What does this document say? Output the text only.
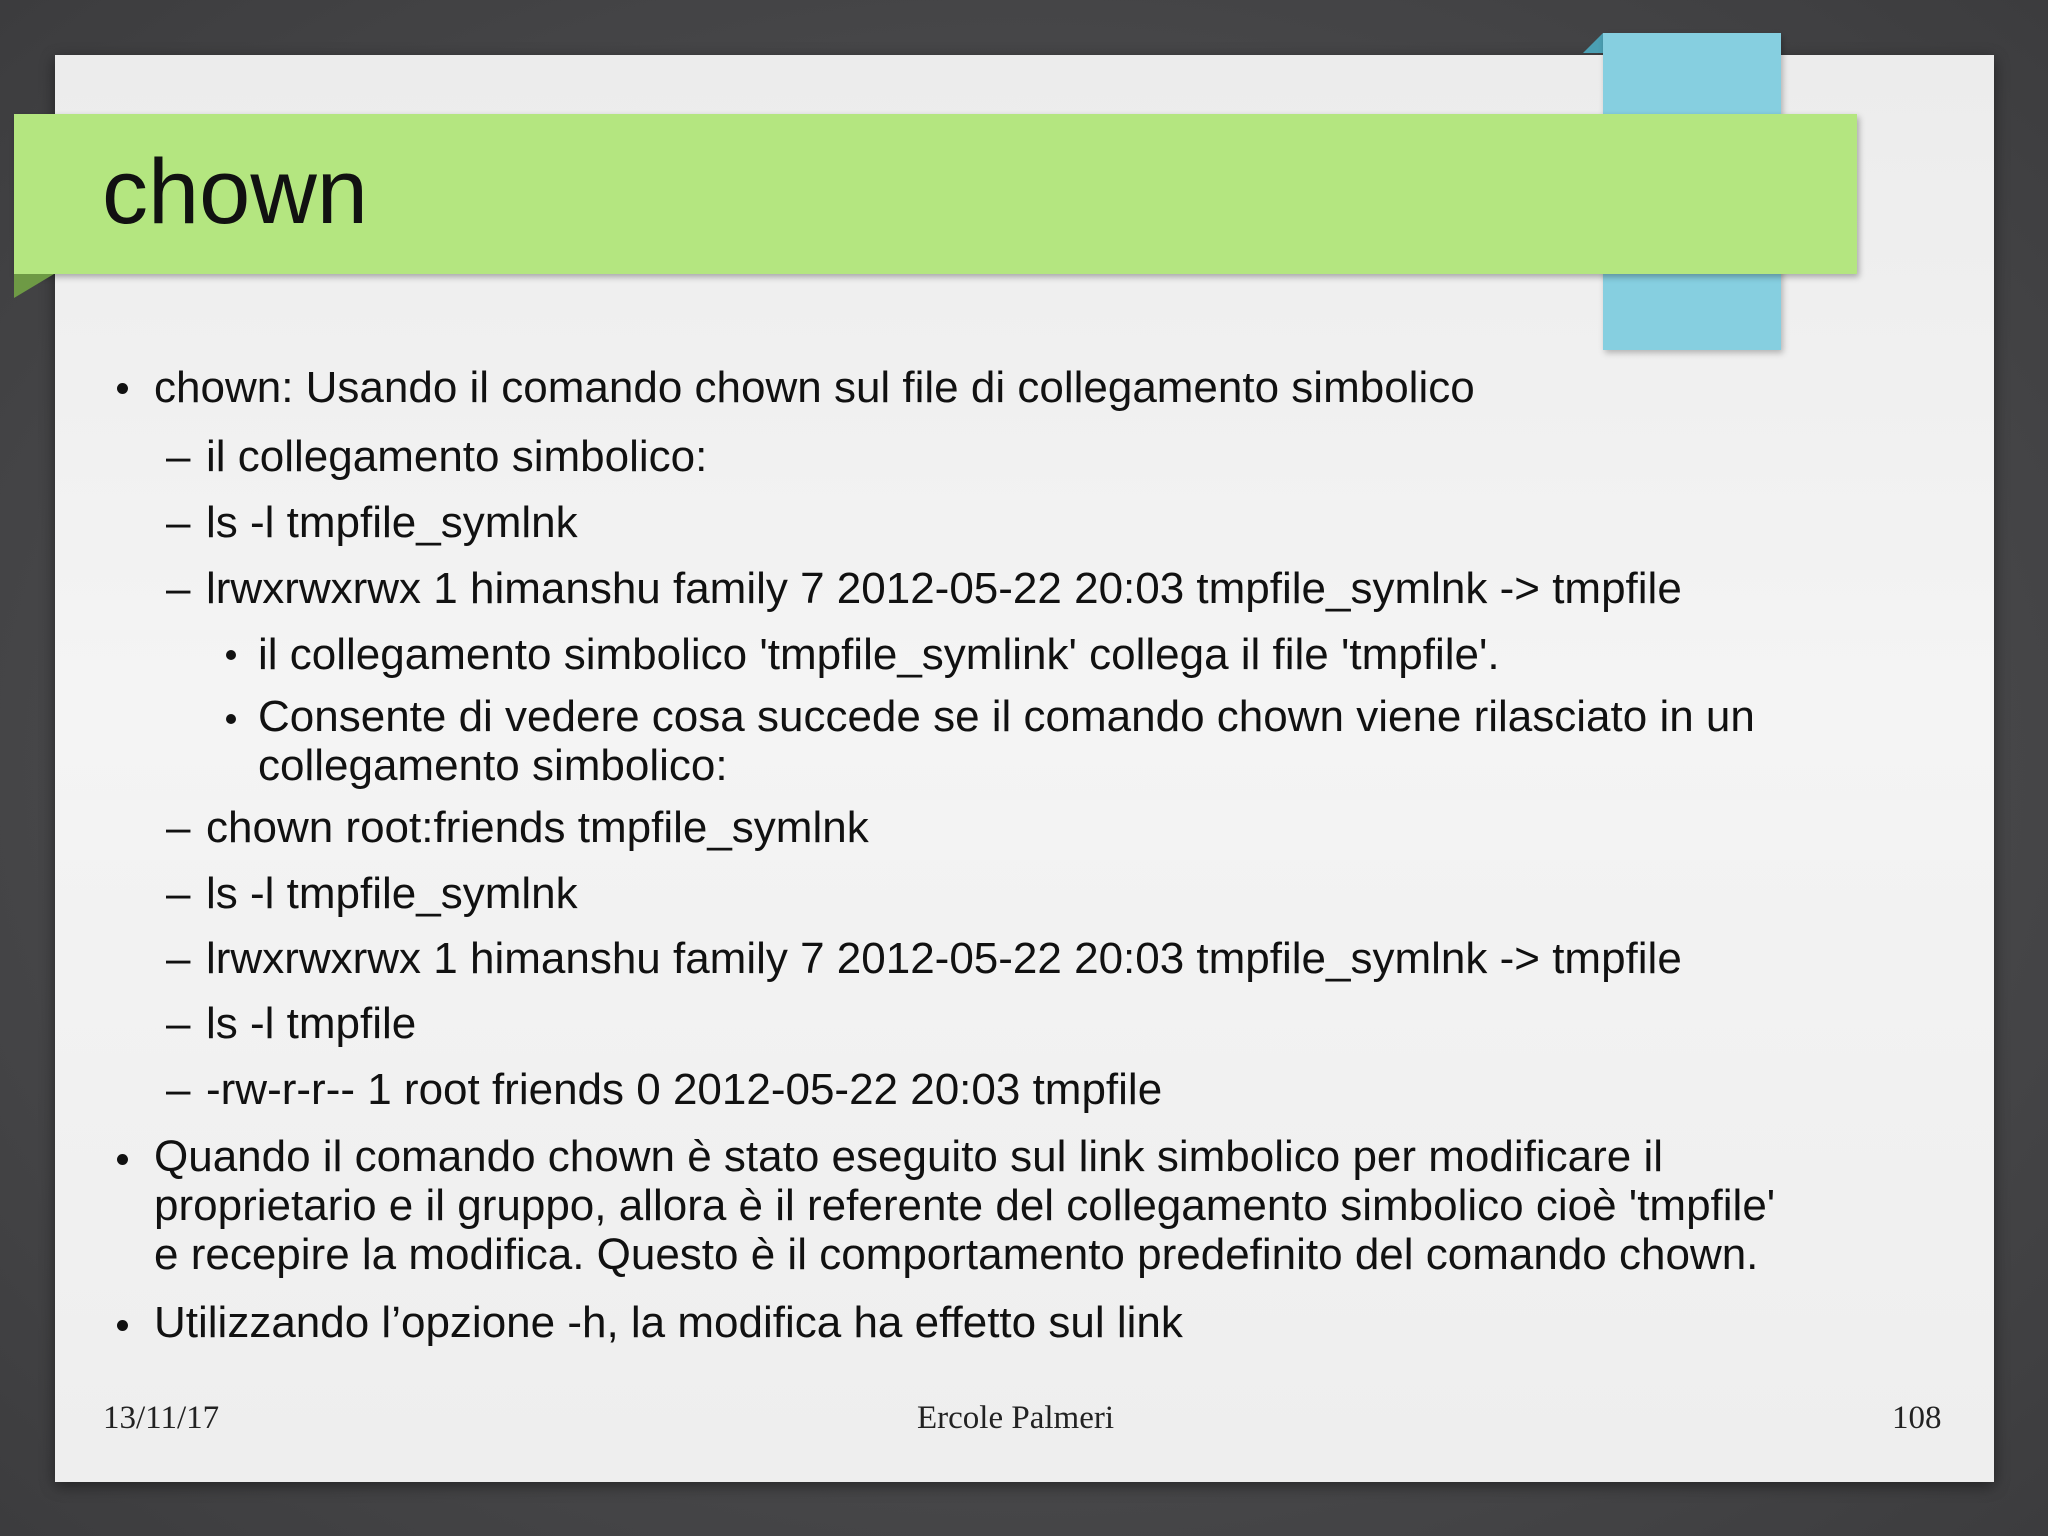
chown
chown: Usando il comando chown sul file di collegamento simbolico
– il collegamento simbolico:
– ls -l tmpfile_symlnk
– lrwxrwxrwx 1 himanshu family 7 2012-05-22 20:03 tmpfile_symlnk -> tmpfile
il collegamento simbolico 'tmpfile_symlink' collega il file 'tmpfile'.
Consente di vedere cosa succede se il comando chown viene rilasciato in un
collegamento simbolico:
– chown root:friends tmpfile_symlnk
– ls -l tmpfile_symlnk
– lrwxrwxrwx 1 himanshu family 7 2012-05-22 20:03 tmpfile_symlnk -> tmpfile
– ls -l tmpfile
– -rw-r-r-- 1 root friends 0 2012-05-22 20:03 tmpfile
Quando il comando chown è stato eseguito sul link simbolico per modificare il
proprietario e il gruppo, allora è il referente del collegamento simbolico cioè 'tmpfile'
e recepire la modifica. Questo è il comportamento predefinito del comando chown.
Utilizzando l’opzione -h, la modifica ha effetto sul link
13/11/17	Ercole Palmeri	108
